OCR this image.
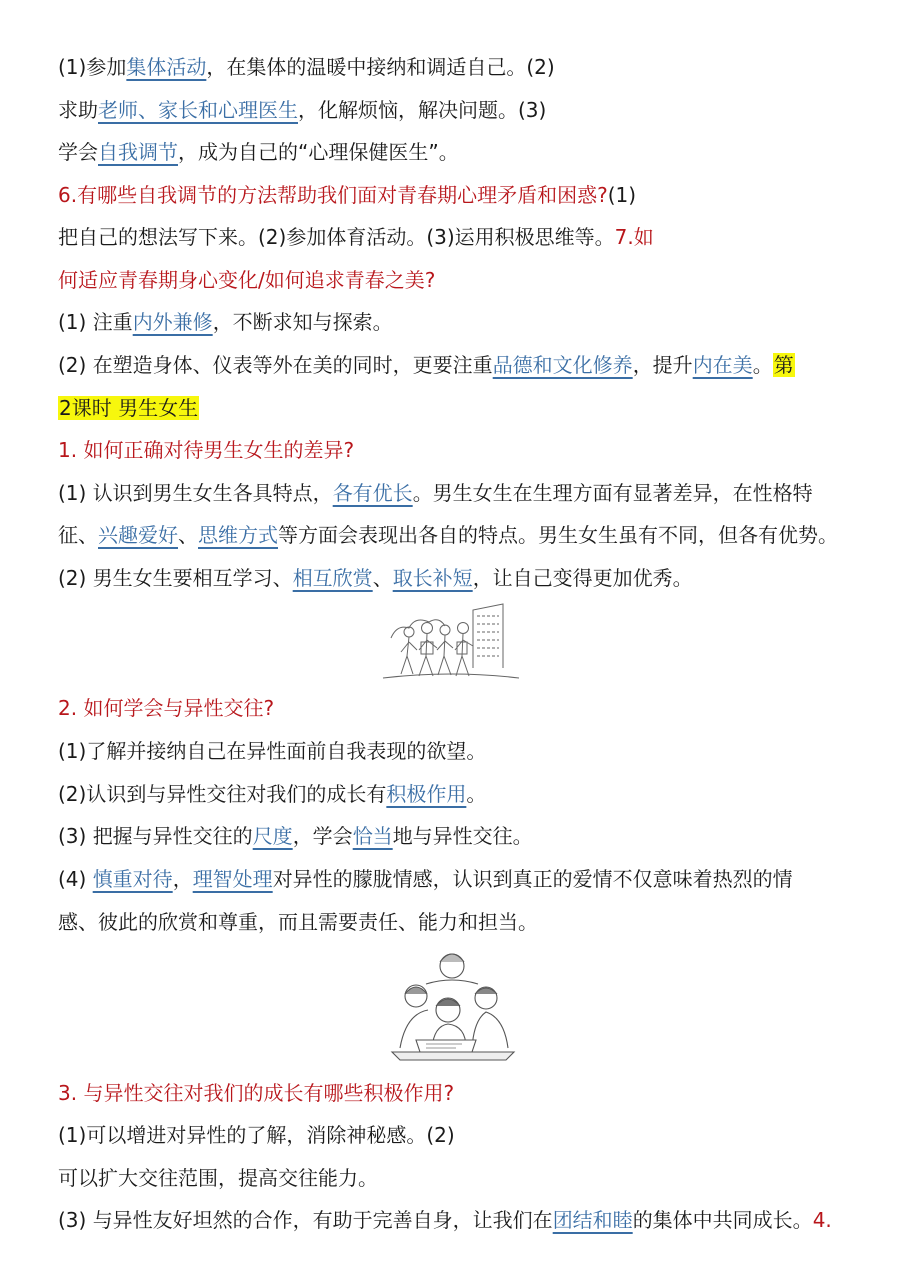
(1)参加集体活动，在集体的温暖中接纳和调适自己。(2)
求助老师、家长和心理医生，化解烦恼，解决问题。(3)
学会自我调节，成为自己的“心理保健医生”。
6.有哪些自我调节的方法帮助我们面对青春期心理矛盾和困惑?(1)
把自己的想法写下来。(2)参加体育活动。(3)运用积极思维等。7.如
何适应青春期身心变化/如何追求青春之美?
(1) 注重内外兼修，不断求知与探索。
(2) 在塑造身体、仪表等外在美的同时，更要注重品德和文化修养，提升内在美。第
2课时 男生女生
1. 如何正确对待男生女生的差异?
(1) 认识到男生女生各具特点，各有优长。男生女生在生理方面有显著差异，在性格特
征、兴趣爱好、思维方式等方面会表现出各自的特点。男生女生虽有不同，但各有优势。
(2) 男生女生要相互学习、相互欣赏、取长补短，让自己变得更加优秀。
2. 如何学会与异性交往?
(1)了解并接纳自己在异性面前自我表现的欲望。
(2)认识到与异性交往对我们的成长有积极作用。
(3) 把握与异性交往的尺度，学会恰当地与异性交往。
(4) 慎重对待，理智处理对异性的朦胧情感，认识到真正的爱情不仅意味着热烈的情
感、彼此的欣赏和尊重，而且需要责任、能力和担当。
3. 与异性交往对我们的成长有哪些积极作用?
(1)可以增进对异性的了解，消除神秘感。(2)
可以扩大交往范围，提高交往能力。
(3) 与异性友好坦然的合作，有助于完善自身，让我们在团结和睦的集体中共同成长。4.
